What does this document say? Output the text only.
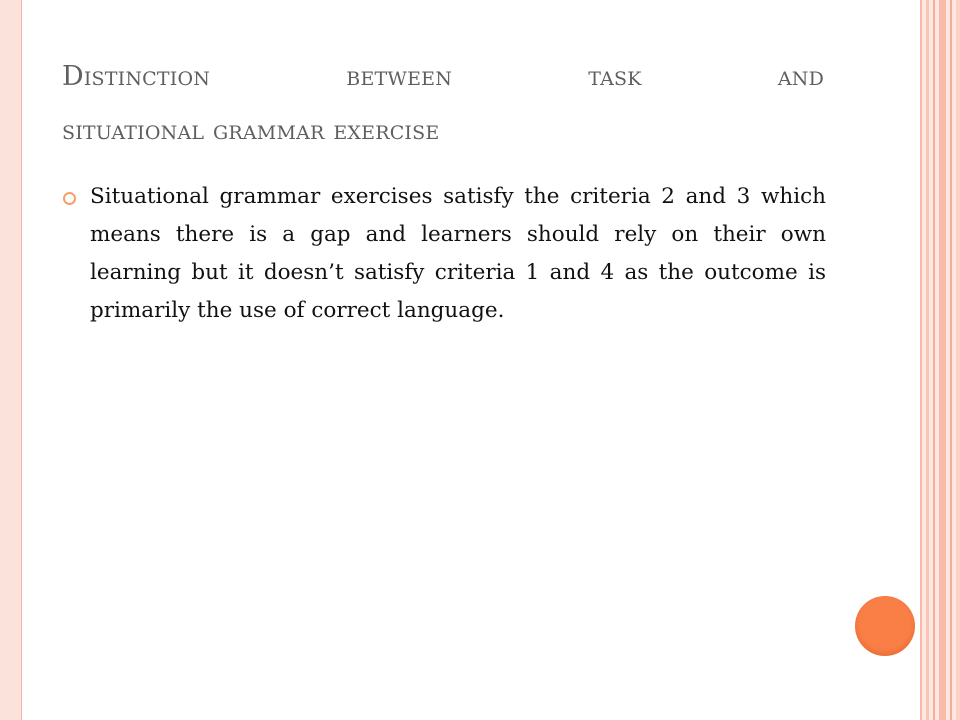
Distinction between task and
situational grammar exercise
Situational grammar exercises satisfy the criteria 2 and 3 which means there is a gap and learners should rely on their own learning but it doesn’t satisfy criteria 1 and 4 as the outcome is primarily the use of correct language.
